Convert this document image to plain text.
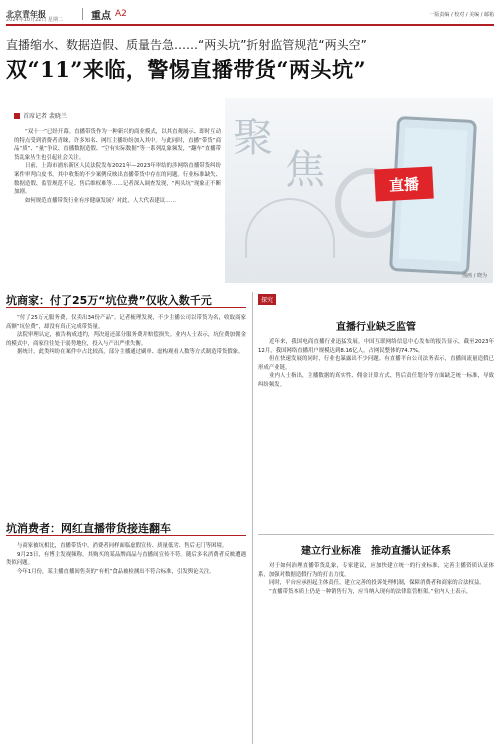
北京青年报
2024年10月22日 星期二	重点 A2	一版责编 / 校对 / 美编 / 邮箱
直播缩水、数据造假、质量告急……“两头坑”折射监管规范“两头空”
双“11”来临，警惕直播带货“两头坑”
聚
焦	直播
漫画 / 晓为
首席记者 裴晓兰

“双十一”已经开幕。直播带货作为一种新兴的商业模式，以其直观展示、即时互动的特点受到消费者青睐，许多知名、网红主播纷纷加入其中。与此同时，直播“带货”商品“质”、“量”争议、直播数据造假、“空有实际数据”等一系列乱象频发，“翻车”直播带货乱象丛生也引起社会关注。

日前，上海市浦东新区人民法院发布2021年—2023年审结的涉网络直播带货纠纷案件审判白皮书，其中收集的不少案例反映出直播带货中存在的问题。行业标准缺失、数据造假、监管规范不足、售后维权难等……记者深入调查发现，“两头坑”现象正不断加剧。

如何规范直播带货行业有序健康发展？对此，人大代表建议……

坑商家：付了25万“坑位费”仅收入数千元

“付了25万元服务费，仅卖出34份产品”。记者梳理发现，不少主播公司以带货为名，收取商家高额“坑位费”，却没有真正完成带货量。

法院审理认定，被告构成违约，判决返还部分服务费并赔偿损失。业内人士表示，坑位费加佣金的模式中，商家往往处于弱势地位，投入与产出严重失衡。

据统计，此类纠纷在案件中占比较高，部分主播通过刷单、虚构观看人数等方式制造带货假象。

坑消费者：网红直播带货接连翻车

与商家被坑相比，直播带货中，消费者同样面临虚假宣传、质量低劣、售后无门等困境。

9月23日，有博主发视频称，其购买的某品牌商品与直播间宣传不符。随后多名消费者反映遭遇类似问题。

今年1月份，某主播直播间售卖的“有机”食品被检测出不符合标准，引发舆论关注。

探究
直播行业缺乏监管

近年来，我国电商直播行业迅猛发展。中国互联网络信息中心发布的报告显示，截至2023年12月，我国网络直播用户规模达到8.16亿人，占网民整体的74.7%。

但在快速发展的同时，行业也暴露出不少问题。有直播平台公司法务表示，直播间流量造假已形成产业链。

业内人士指出，主播数据的真实性、佣金计算方式、售后责任划分等方面缺乏统一标准，导致纠纷频发。

建立行业标准　推动直播认证体系

对于如何治理直播带货乱象，专家建议，应加快建立统一的行业标准，完善主播资质认证体系，加强对数据造假行为的打击力度。

同时，平台应承担起主体责任，建立完善的投诉处理机制，保障消费者和商家的合法权益。

“直播带货本质上仍是一种销售行为，应当纳入现有的法律监管框架。”业内人士表示。
